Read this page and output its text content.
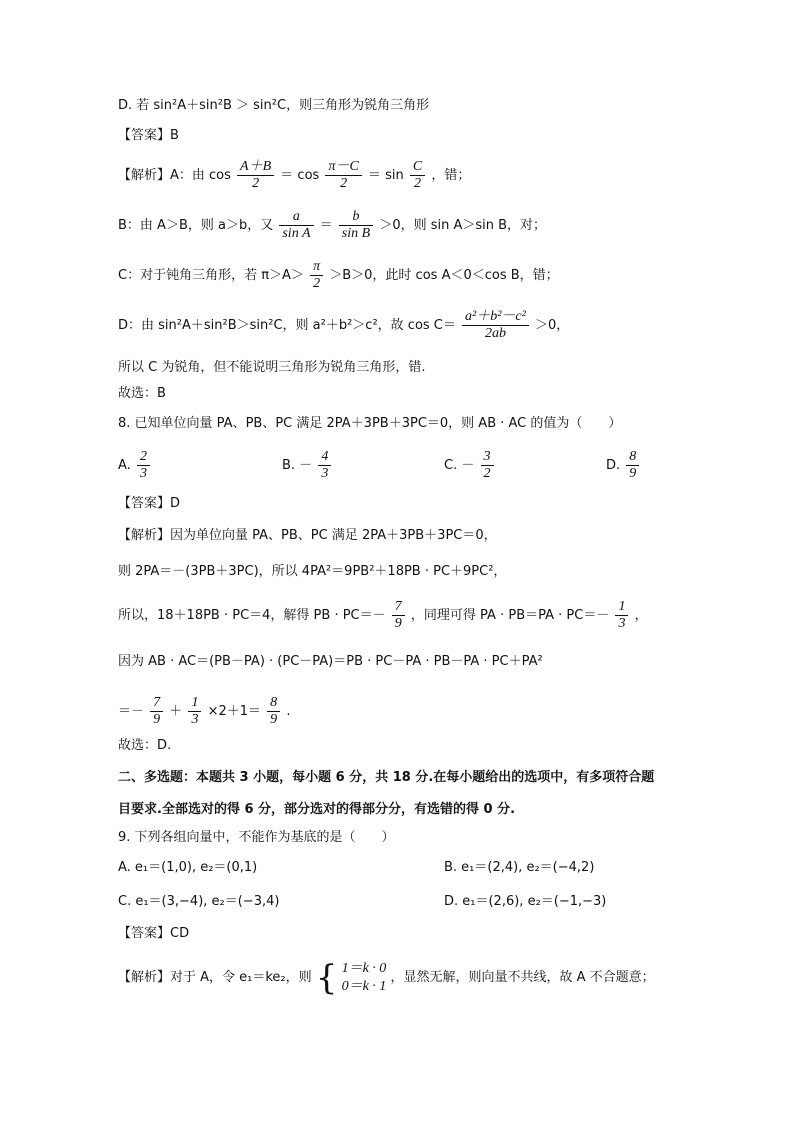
D. 若 sin²A＋sin²B ＞ sin²C，则三角形为锐角三角形
【答案】B
【解析】A：由 $\cos \frac{A+B}{2} = \cos \frac{\pi-C}{2} = \sin \frac{C}{2}$ ，错；
B：由 A＞B，则 a＞b，又 $\frac{a}{\text{sin A}} = \frac{b}{\text{sin B}} >0$，则 sin A＞sin B，对；
C：对于钝角三角形，若 $\pi>A> \frac{\pi}{2} >B>0$，此时 cos A＜0＜cos B，错；
D：由 sin²A＋sin²B＞sin²C，则 a²＋b²＞c²，故 $\cos C= \frac{\text{a²＋b²－c²}}{2ab} >0$，
所以 C 为锐角，但不能说明三角形为锐角三角形，错.
故选：B
8. 已知单位向量 PA、PB、PC 满足 2PA＋3PB＋3PC＝0，则 AB · AC 的值为（　　）
A. $\frac{2}{3}$	B. － $\frac{4}{3}$	C. － $\frac{3}{2}$	D. $\frac{8}{9}$
【答案】D
【解析】因为单位向量 PA、PB、PC 满足 2PA＋3PB＋3PC＝0，
则 2PA＝－(3PB＋3PC)，所以 4PA²＝9PB²＋18PB · PC＋9PC²，
所以，18＋18PB · PC＝4，解得 PB · $PC=- \frac{7}{9}$ ，同理可得 PA · $PB=PA \cdot PC=- \frac{1}{3}$ ，
因为 AB · AC＝(PB－PA) · (PC－PA)＝PB · PC－PA · PB－PA · PC＋PA²
＝－ $\frac{7}{9} + \frac{1}{3} \times 2+1= \frac{8}{9}$ .
故选：D.
二、多选题：本题共 3 小题，每小题 6 分，共 18 分.在每小题给出的选项中，有多项符合题
目要求.全部选对的得 6 分，部分选对的得部分分，有选错的得 0 分.
9. 下列各组向量中，不能作为基底的是（　　）
A. e₁＝(1,0), e₂＝(0,1)	B. e₁＝(2,4), e₂＝(−4,2)
C. e₁＝(3,−4), e₂＝(−3,4)	D. e₁＝(2,6), e₂＝(−1,−3)
【答案】CD
【解析】对于 A，令 e₁＝ke₂，则 { 1＝k · 0
0＝k · 1
，显然无解，则向量不共线，故 A 不合题意；
